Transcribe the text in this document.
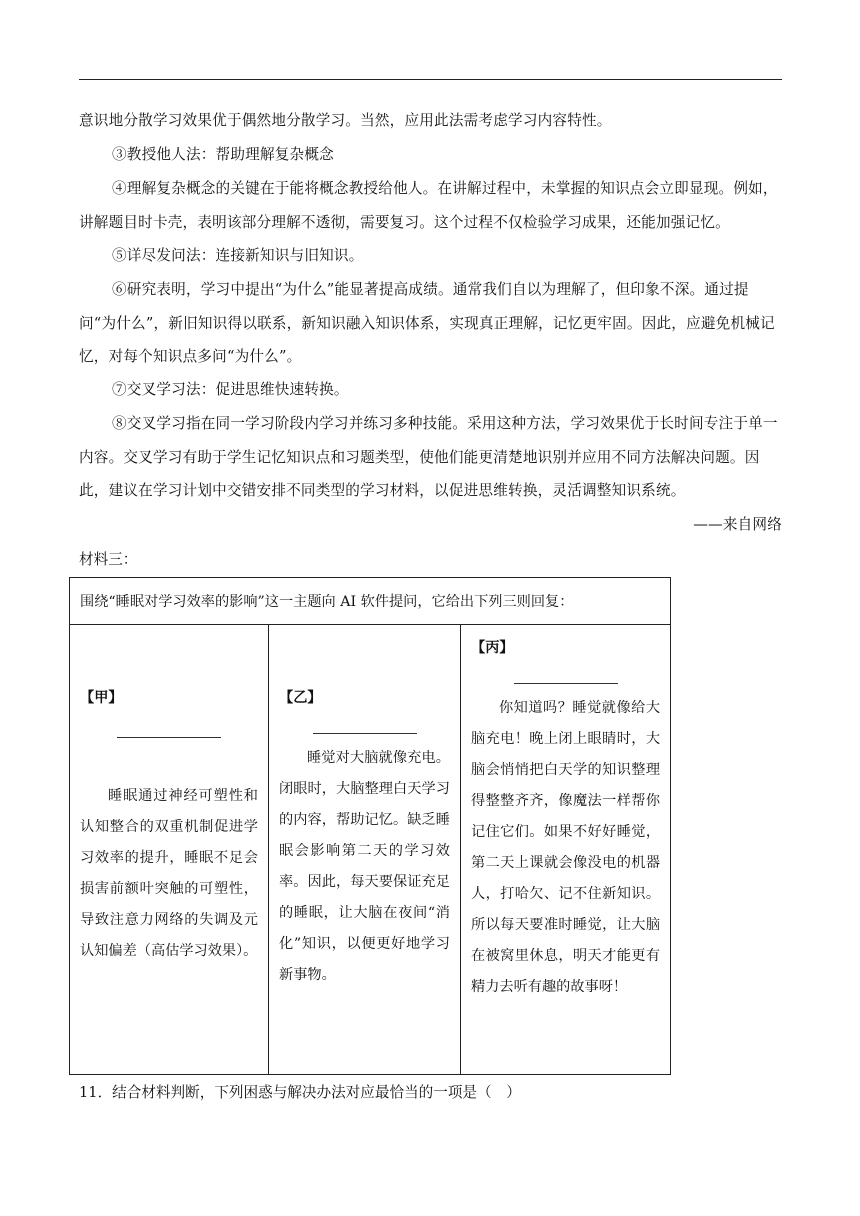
意识地分散学习效果优于偶然地分散学习。当然，应用此法需考虑学习内容特性。
③教授他人法：帮助理解复杂概念
④理解复杂概念的关键在于能将概念教授给他人。在讲解过程中，未掌握的知识点会立即显现。例如，讲解题目时卡壳，表明该部分理解不透彻，需要复习。这个过程不仅检验学习成果，还能加强记忆。
⑤详尽发问法：连接新知识与旧知识。
⑥研究表明，学习中提出“为什么”能显著提高成绩。通常我们自以为理解了，但印象不深。通过提问“为什么”，新旧知识得以联系，新知识融入知识体系，实现真正理解，记忆更牢固。因此，应避免机械记忆，对每个知识点多问“为什么”。
⑦交叉学习法：促进思维快速转换。
⑧交叉学习指在同一学习阶段内学习并练习多种技能。采用这种方法，学习效果优于长时间专注于单一内容。交叉学习有助于学生记忆知识点和习题类型，使他们能更清楚地识别并应用不同方法解决问题。因此，建议在学习计划中交错安排不同类型的学习材料，以促进思维转换，灵活调整知识系统。
——来自网络
材料三：
围绕“睡眠对学习效率的影响”这一主题向 AI 软件提问，它给出下列三则回复：

【甲】
睡眠通过神经可塑性和认知整合的双重机制促进学习效率的提升，睡眠不足会损害前额叶突触的可塑性，导致注意力网络的失调及元认知偏差（高估学习效果）。

【乙】
睡觉对大脑就像充电。闭眼时，大脑整理白天学习的内容，帮助记忆。缺乏睡眠会影响第二天的学习效率。因此，每天要保证充足的睡眠，让大脑在夜间“消化”知识，以便更好地学习新事物。

【丙】
你知道吗？睡觉就像给大脑充电！晚上闭上眼睛时，大脑会悄悄把白天学的知识整理得整整齐齐，像魔法一样帮你记住它们。如果不好好睡觉，第二天上课就会像没电的机器人，打哈欠、记不住新知识。所以每天要准时睡觉，让大脑在被窝里休息，明天才能更有精力去听有趣的故事呀！
11．结合材料判断，下列困惑与解决办法对应最恰当的一项是（　）
